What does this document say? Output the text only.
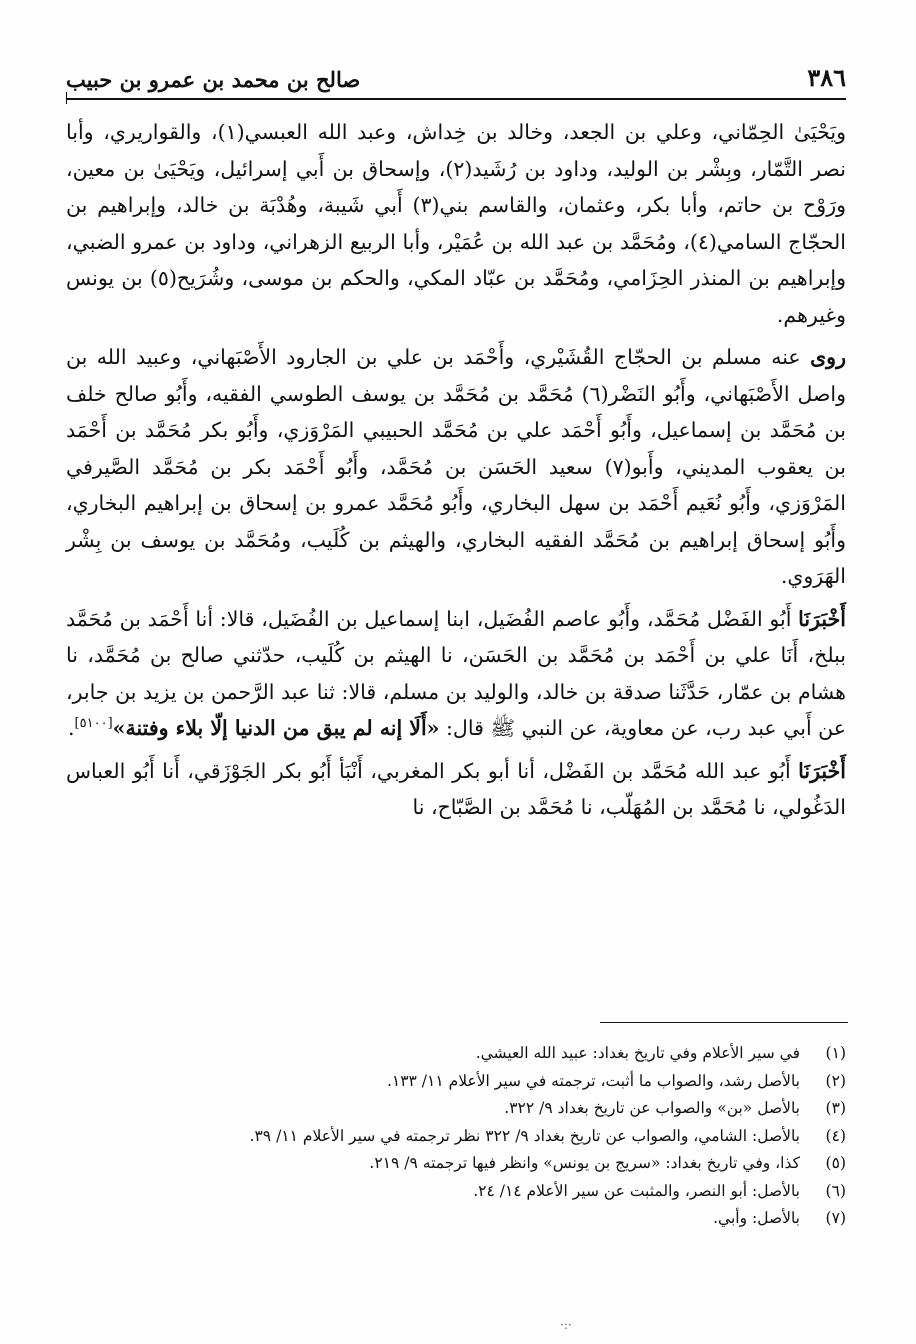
٣٨٦
صالح بن محمد بن عمرو بن حبيب

ويَحْيَىٰ الحِمّاني، وعلي بن الجعد، وخالد بن خِداش، وعبد الله العبسي(١)، والقواريري، وأبا نصر التَّمّار، وبِشْر بن الوليد، وداود بن رُشَيد(٢)، وإسحاق بن أَبي إسرائيل، ويَحْيَىٰ بن معين، ورَوْح بن حاتم، وأبا بكر، وعثمان، والقاسم بني(٣) أَبي شَيبة، وهُدْبَة بن خالد، وإبراهيم بن الحجّاج السامي(٤)، ومُحَمَّد بن عبد الله بن عُمَيْر، وأبا الربيع الزهراني، وداود بن عمرو الضبي، وإبراهيم بن المنذر الحِزَامي، ومُحَمَّد بن عبّاد المكي، والحكم بن موسى، وشُرَيح(٥) بن يونس وغيرهم.

روى عنه مسلم بن الحجّاج القُشَيْري، وأَحْمَد بن علي بن الجارود الأَصْبَهاني، وعبيد الله بن واصل الأَصْبَهاني، وأَبُو النَضْر(٦) مُحَمَّد بن مُحَمَّد بن يوسف الطوسي الفقيه، وأَبُو صالح خلف بن مُحَمَّد بن إسماعيل، وأَبُو أَحْمَد علي بن مُحَمَّد الحبيبي المَرْوَزي، وأَبُو بكر مُحَمَّد بن أَحْمَد بن يعقوب المديني، وأَبو(٧) سعيد الحَسَن بن مُحَمَّد، وأَبُو أَحْمَد بكر بن مُحَمَّد الصَّيرفي المَرْوَزي، وأَبُو نُعَيم أَحْمَد بن سهل البخاري، وأَبُو مُحَمَّد عمرو بن إسحاق بن إبراهيم البخاري، وأَبُو إسحاق إبراهيم بن مُحَمَّد الفقيه البخاري، والهيثم بن كُلَيب، ومُحَمَّد بن يوسف بن بِشْر الهَرَوي.

أَخْبَرَنَا أَبُو الفَضْل مُحَمَّد، وأَبُو عاصم الفُضَيل، ابنا إسماعيل بن الفُضَيل، قالا: أنا أَحْمَد بن مُحَمَّد ببلخ، أَنَا علي بن أَحْمَد بن مُحَمَّد بن الحَسَن، نا الهيثم بن كُلَيب، حدّثني صالح بن مُحَمَّد، نا هشام بن عمّار، حَدَّثَنا صدقة بن خالد، والوليد بن مسلم، قالا: ثنا عبد الرَّحمن بن يزيد بن جابر، عن أَبي عبد رب، عن معاوية، عن النبي ﷺ قال: «أَلَا إنه لم يبق من الدنيا إلّا بلاء وفتنة»[٥١٠٠].

أَخْبَرَنَا أَبُو عبد الله مُحَمَّد بن الفَضْل، أنا أبو بكر المغربي، أَنْبَأ أَبُو بكر الجَوْزَقي، أَنا أَبُو العباس الدَغُولي، نا مُحَمَّد بن المُهَلّب، نا مُحَمَّد بن الصَّبّاح، نا

(١)
في سير الأعلام وفي تاريخ بغداد: عبيد الله العيشي.
(٢)
بالأصل رشد، والصواب ما أثبت، ترجمته في سير الأعلام ١١/ ١٣٣.
(٣)
بالأصل «بن» والصواب عن تاريخ بغداد ٩/ ٣٢٢.
(٤)
بالأصل: الشامي، والصواب عن تاريخ بغداد ٩/ ٣٢٢ نظر ترجمته في سير الأعلام ١١/ ٣٩.
(٥)
كذا، وفي تاريخ بغداد: «سريج بن يونس» وانظر فيها ترجمته ٩/ ٢١٩.
(٦)
بالأصل: أبو النصر، والمثبت عن سير الأعلام ١٤/ ٢٤.
(٧)
بالأصل: وأبي.
·:·
